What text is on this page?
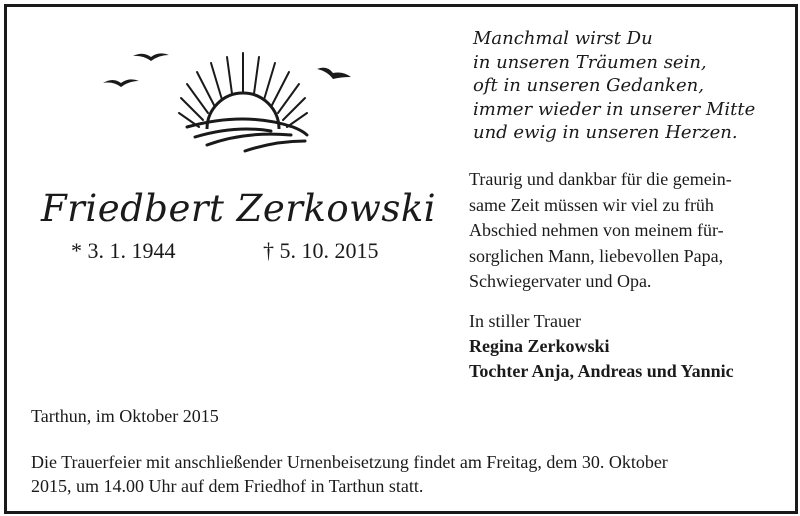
Friedbert Zerkowski
* 3. 1. 1944	† 5. 10. 2015
Manchmal wirst Du
in unseren Träumen sein,
oft in unseren Gedanken,
immer wieder in unserer Mitte
und ewig in unseren Herzen.
Traurig und dankbar für die gemein-
same Zeit müssen wir viel zu früh
Abschied nehmen von meinem für-
sorglichen Mann, liebevollen Papa,
Schwiegervater und Opa.
In stiller Trauer
Regina Zerkowski
Tochter Anja, Andreas und Yannic
Tarthun, im Oktober 2015
Die Trauerfeier mit anschließender Urnenbeisetzung findet am Freitag, dem 30. Oktober
2015, um 14.00 Uhr auf dem Friedhof in Tarthun statt.
